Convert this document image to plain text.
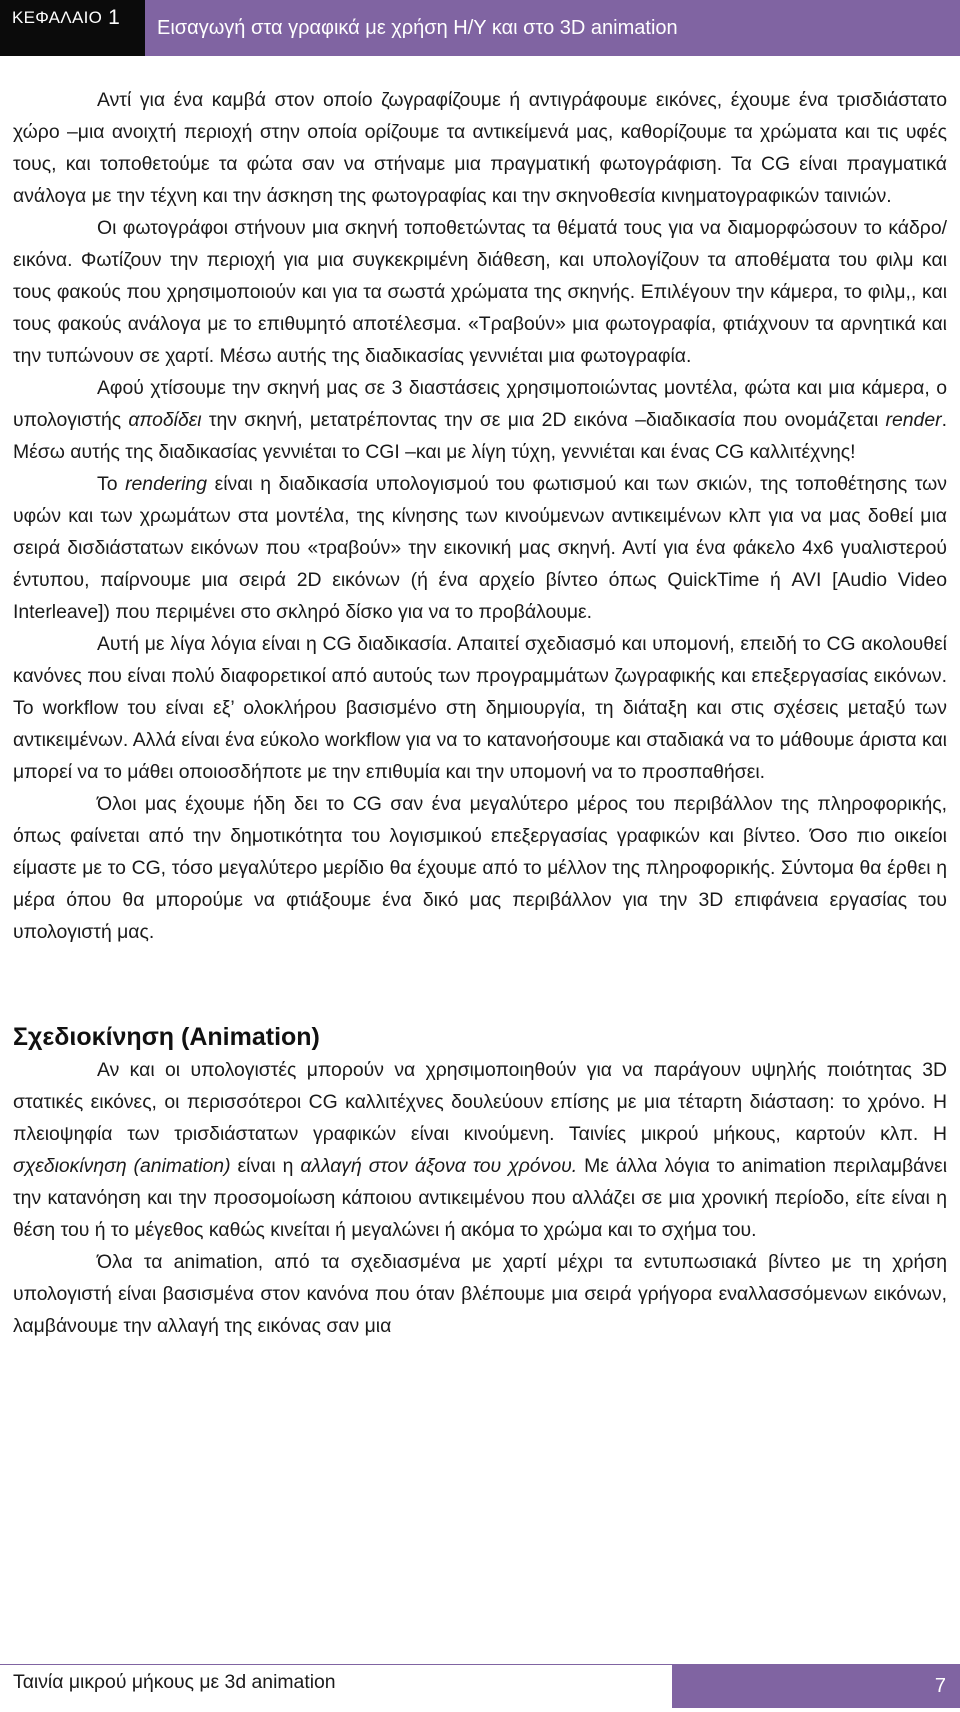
ΚΕΦΑΛΑΙΟ 1 Εισαγωγή στα γραφικά με χρήση Η/Υ και στο 3D animation

Αντί για ένα καμβά στον οποίο ζωγραφίζουμε ή αντιγράφουμε εικόνες, έχουμε ένα τρισδιάστατο χώρο –μια ανοιχτή περιοχή στην οποία ορίζουμε τα αντικείμενά μας, καθορίζουμε τα χρώματα και τις υφές τους, και τοποθετούμε τα φώτα σαν να στήναμε μια πραγματική φωτογράφιση. Τα CG είναι πραγματικά ανάλογα με την τέχνη και την άσκηση της φωτογραφίας και την σκηνοθεσία κινηματογραφικών ταινιών.

Οι φωτογράφοι στήνουν μια σκηνή τοποθετώντας τα θέματά τους για να διαμορφώσουν το κάδρο/εικόνα. Φωτίζουν την περιοχή για μια συγκεκριμένη διάθεση, και υπολογίζουν τα αποθέματα του φιλμ και τους φακούς που χρησιμοποιούν και για τα σωστά χρώματα της σκηνής. Επιλέγουν την κάμερα, το φιλμ,, και τους φακούς ανάλογα με το επιθυμητό αποτέλεσμα. «Τραβούν» μια φωτογραφία, φτιάχνουν τα αρνητικά και την τυπώνουν σε χαρτί. Μέσω αυτής της διαδικασίας γεννιέται μια φωτογραφία.

Αφού χτίσουμε την σκηνή μας σε 3 διαστάσεις χρησιμοποιώντας μοντέλα, φώτα και μια κάμερα, ο υπολογιστής αποδίδει την σκηνή, μετατρέποντας την σε μια 2D εικόνα –διαδικασία που ονομάζεται render. Μέσω αυτής της διαδικασίας γεννιέται το CGI –και με λίγη τύχη, γεννιέται και ένας CG καλλιτέχνης!

Το rendering είναι η διαδικασία υπολογισμού του φωτισμού και των σκιών, της τοποθέτησης των υφών και των χρωμάτων στα μοντέλα, της κίνησης των κινούμενων αντικειμένων κλπ για να μας δοθεί μια σειρά δισδιάστατων εικόνων που «τραβούν» την εικονική μας σκηνή. Αντί για ένα φάκελο 4x6 γυαλιστερού έντυπου, παίρνουμε μια σειρά 2D εικόνων (ή ένα αρχείο βίντεο όπως QuickTime ή AVI [Audio Video Interleave]) που περιμένει στο σκληρό δίσκο για να το προβάλουμε.

Αυτή με λίγα λόγια είναι η CG διαδικασία. Απαιτεί σχεδιασμό και υπομονή, επειδή το CG ακολουθεί κανόνες που είναι πολύ διαφορετικοί από αυτούς των προγραμμάτων ζωγραφικής και επεξεργασίας εικόνων. Το workflow του είναι εξ’ ολοκλήρου βασισμένο στη δημιουργία, τη διάταξη και στις σχέσεις μεταξύ των αντικειμένων. Αλλά είναι ένα εύκολο workflow για να το κατανοήσουμε και σταδιακά να το μάθουμε άριστα και μπορεί να το μάθει οποιοσδήποτε με την επιθυμία και την υπομονή να το προσπαθήσει.

Όλοι μας έχουμε ήδη δει το CG σαν ένα μεγαλύτερο μέρος του περιβάλλον της πληροφορικής, όπως φαίνεται από την δημοτικότητα του λογισμικού επεξεργασίας γραφικών και βίντεο. Όσο πιο οικείοι είμαστε με το CG, τόσο μεγαλύτερο μερίδιο θα έχουμε από το μέλλον της πληροφορικής. Σύντομα θα έρθει η μέρα όπου θα μπορούμε να φτιάξουμε ένα δικό μας περιβάλλον για την 3D επιφάνεια εργασίας του υπολογιστή μας.

Σχεδιοκίνηση (Animation)

Αν και οι υπολογιστές μπορούν να χρησιμοποιηθούν για να παράγουν υψηλής ποιότητας 3D στατικές εικόνες, οι περισσότεροι CG καλλιτέχνες δουλεύουν επίσης με μια τέταρτη διάσταση: το χρόνο. Η πλειοψηφία των τρισδιάστατων γραφικών είναι κινούμενη. Ταινίες μικρού μήκους, καρτούν κλπ. Η σχεδιοκίνηση (animation) είναι η αλλαγή στον άξονα του χρόνου. Με άλλα λόγια το animation περιλαμβάνει την κατανόηση και την προσομοίωση κάποιου αντικειμένου που αλλάζει σε μια χρονική περίοδο, είτε είναι η θέση του ή το μέγεθος καθώς κινείται ή μεγαλώνει ή ακόμα το χρώμα και το σχήμα του.

Όλα τα animation, από τα σχεδιασμένα με χαρτί μέχρι τα εντυπωσιακά βίντεο με τη χρήση υπολογιστή είναι βασισμένα στον κανόνα που όταν βλέπουμε μια σειρά γρήγορα εναλλασσόμενων εικόνων, λαμβάνουμε την αλλαγή της εικόνας σαν μια

Ταινία μικρού μήκους με 3d animation	7
